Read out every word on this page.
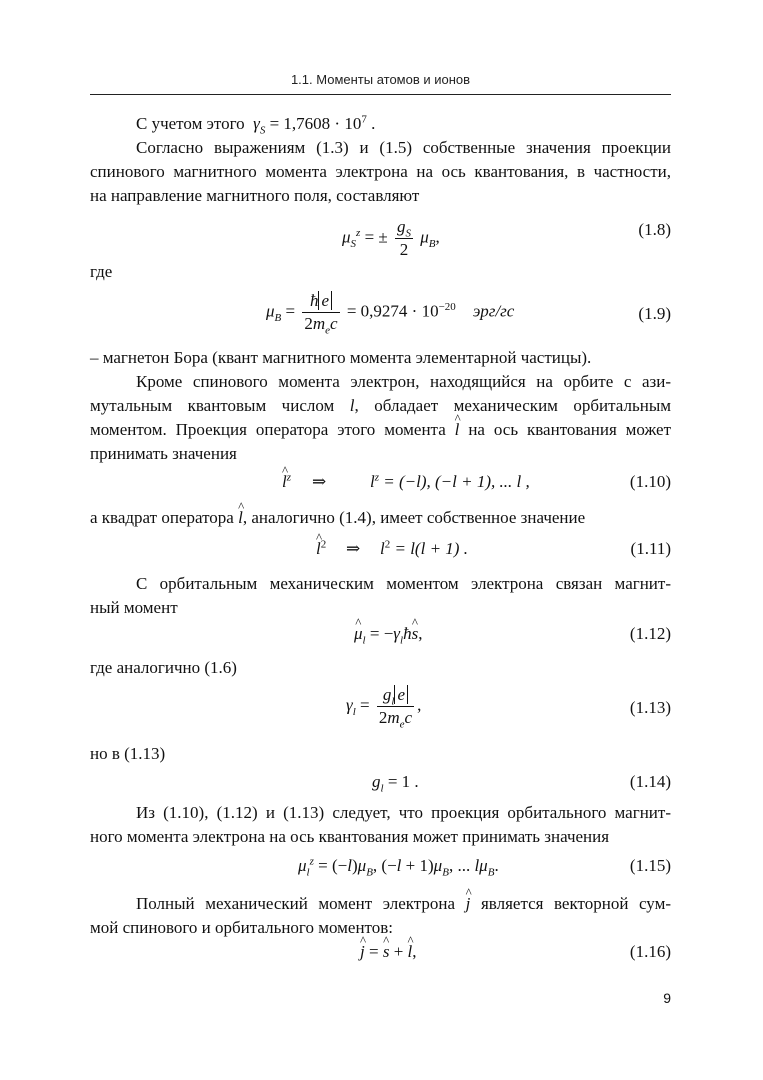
1.1. Моменты атомов и ионов
С учетом этого  $\gamma_S = 1,7608 \cdot 10^7$ .
Согласно выражениям (1.3) и (1.5) собственные значения проекции
спинового магнитного момента электрона на ось квантования, в частности,
на направление магнитного поля, составляют
$\mu_S^z$ = ± $\frac{g_S}{2} \mu_B$,	(1.8)
где
$\mu_B = \frac{\text{ħ e}}{2m_ec} = 0,9274 \cdot 10^{-20}$ эрг/гс	(1.9)
– магнетон Бора (квант магнитного момента элементарной частицы).
Кроме спинового момента электрон, находящийся на орбите с ази-
мутальным квантовым числом l, обладает механическим орбитальным
моментом. Проекция оператора этого момента ^ l на ось квантования может
принимать значения
^ $l^z$ ⇒	$l^z = (-l)$, (−l + 1), ... l ,	(1.10)
а квадрат оператора ^ l, аналогично (1.4), имеет собственное значение
^ $l^2$ ⇒ $l^2 = l(l + 1)$ .	(1.11)
С орбитальным механическим моментом электрона связан магнит-
ный момент
^ $\mu_l$ = $-\gamma_lħ\^{}$ s,	(1.12)
где аналогично (1.6)
$\gamma_l = \frac{g_l e}{2m_ec}$ ,	(1.13)
но в (1.13)
$g_l = 1$ .	(1.14)
Из (1.10), (1.12) и (1.13) следует, что проекция орбитального магнит-
ного момента электрона на ось квантования может принимать значения
$\mu_l^z = (-l)\mu_B$, $(-l + 1)\mu_B$, ... $l\mu_B$.	(1.15)
Полный механический момент электрона ^ j является векторной сум-
мой спинового и орбитального моментов:
^ j = ^ s + ^ l,	(1.16)
9
